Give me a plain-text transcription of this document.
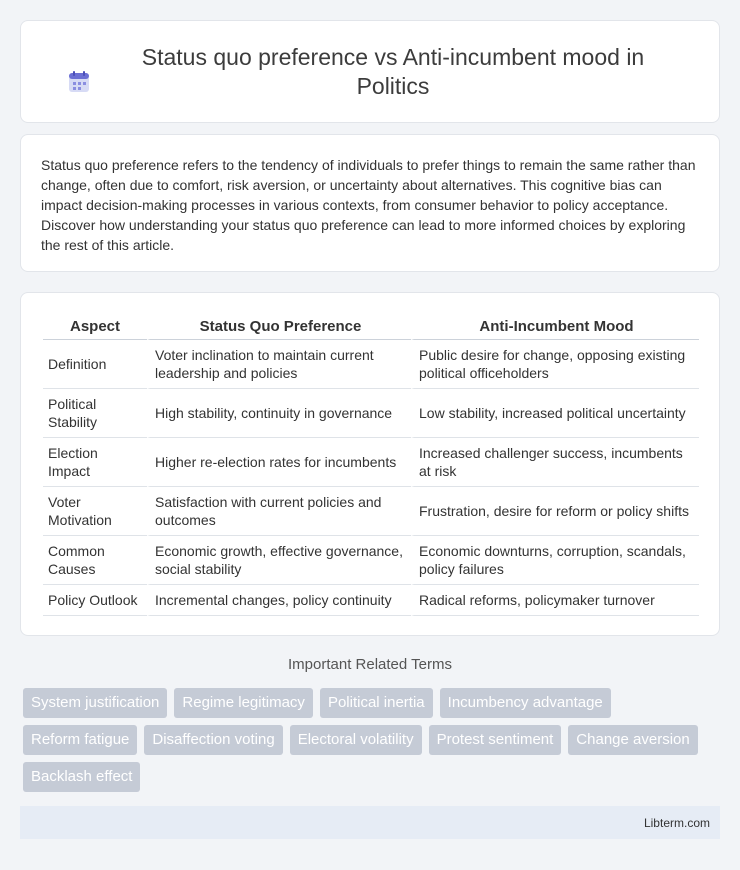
Status quo preference vs Anti-incumbent mood in Politics

Status quo preference refers to the tendency of individuals to prefer things to remain the same rather than change, often due to comfort, risk aversion, or uncertainty about alternatives. This cognitive bias can impact decision-making processes in various contexts, from consumer behavior to policy acceptance. Discover how understanding your status quo preference can lead to more informed choices by exploring the rest of this article.

Aspect	Status Quo Preference	Anti-Incumbent Mood
Definition	Voter inclination to maintain current leadership and policies	Public desire for change, opposing existing political officeholders
Political Stability	High stability, continuity in governance	Low stability, increased political uncertainty
Election Impact	Higher re-election rates for incumbents	Increased challenger success, incumbents at risk
Voter Motivation	Satisfaction with current policies and outcomes	Frustration, desire for reform or policy shifts
Common Causes	Economic growth, effective governance, social stability	Economic downturns, corruption, scandals, policy failures
Policy Outlook	Incremental changes, policy continuity	Radical reforms, policymaker turnover
Important Related Terms
System justification	Regime legitimacy	Political inertia	Incumbency advantage
Reform fatigue	Disaffection voting	Electoral volatility	Protest sentiment	Change aversion
Backlash effect
Libterm.com
